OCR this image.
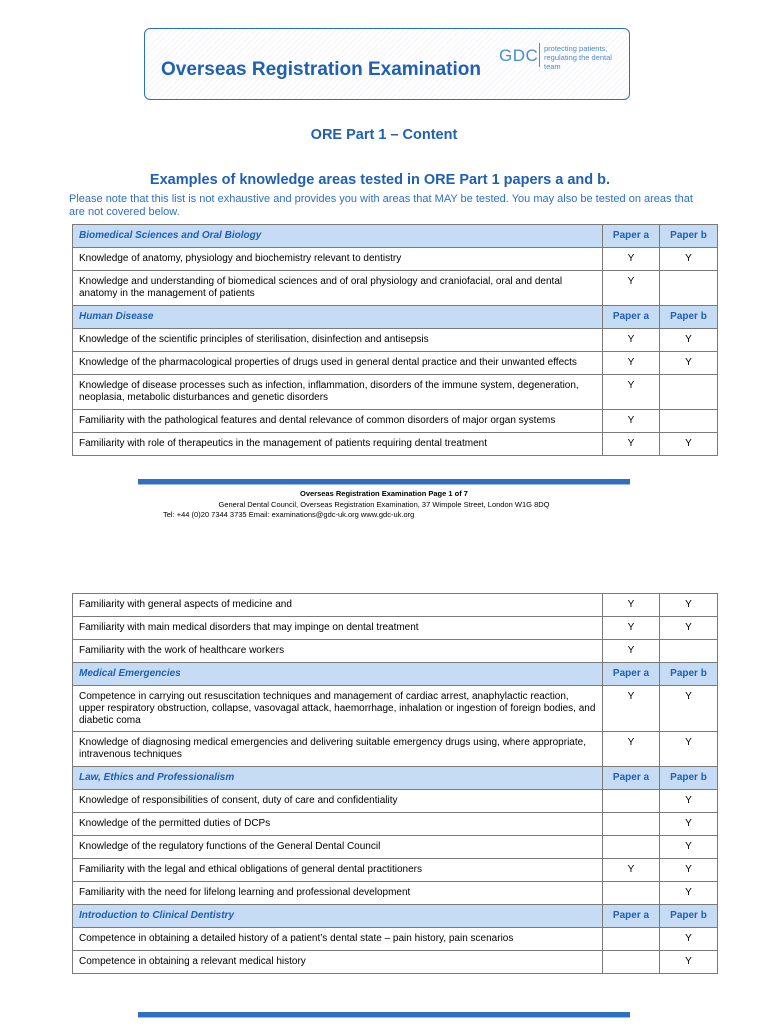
Overseas Registration Examination
GDC protecting patients,
regulating the dental team
ORE Part 1 – Content
Examples of knowledge areas tested in ORE Part 1 papers a and b.
Please note that this list is not exhaustive and provides you with areas that MAY be tested. You may also be tested on areas that are not covered below.
Biomedical Sciences and Oral Biology	Paper a	Paper b
Knowledge of anatomy, physiology and biochemistry relevant to dentistry	Y	Y
Knowledge and understanding of biomedical sciences and of oral physiology and craniofacial, oral and dental anatomy in the management of patients	Y	
Human Disease	Paper a	Paper b
Knowledge of the scientific principles of sterilisation, disinfection and antisepsis	Y	Y
Knowledge of the pharmacological properties of drugs used in general dental practice and their unwanted effects	Y	Y
Knowledge of disease processes such as infection, inflammation, disorders of the immune system, degeneration, neoplasia, metabolic disturbances and genetic disorders	Y	
Familiarity with the pathological features and dental relevance of common disorders of major organ systems	Y	
Familiarity with role of therapeutics in the management of patients requiring dental treatment	Y	Y
Overseas Registration Examination Page 1 of 7
General Dental Council, Overseas Registration Examination, 37 Wimpole Street, London W1G 8DQ
Tel: +44 (0)20 7344 3735 Email: examinations@gdc-uk.org www.gdc-uk.org
Familiarity with general aspects of medicine and	Y	Y
Familiarity with main medical disorders that may impinge on dental treatment	Y	Y
Familiarity with the work of healthcare workers	Y	
Medical Emergencies	Paper a	Paper b
Competence in carrying out resuscitation techniques and management of cardiac arrest, anaphylactic reaction, upper respiratory obstruction, collapse, vasovagal attack, haemorrhage, inhalation or ingestion of foreign bodies, and diabetic coma	Y	Y
Knowledge of diagnosing medical emergencies and delivering suitable emergency drugs using, where appropriate, intravenous techniques	Y	Y
Law, Ethics and Professionalism	Paper a	Paper b
Knowledge of responsibilities of consent, duty of care and confidentiality		Y
Knowledge of the permitted duties of DCPs		Y
Knowledge of the regulatory functions of the General Dental Council		Y
Familiarity with the legal and ethical obligations of general dental practitioners	Y	Y
Familiarity with the need for lifelong learning and professional development		Y
Introduction to Clinical Dentistry	Paper a	Paper b
Competence in obtaining a detailed history of a patient’s dental state – pain history, pain scenarios		Y
Competence in obtaining a relevant medical history		Y
